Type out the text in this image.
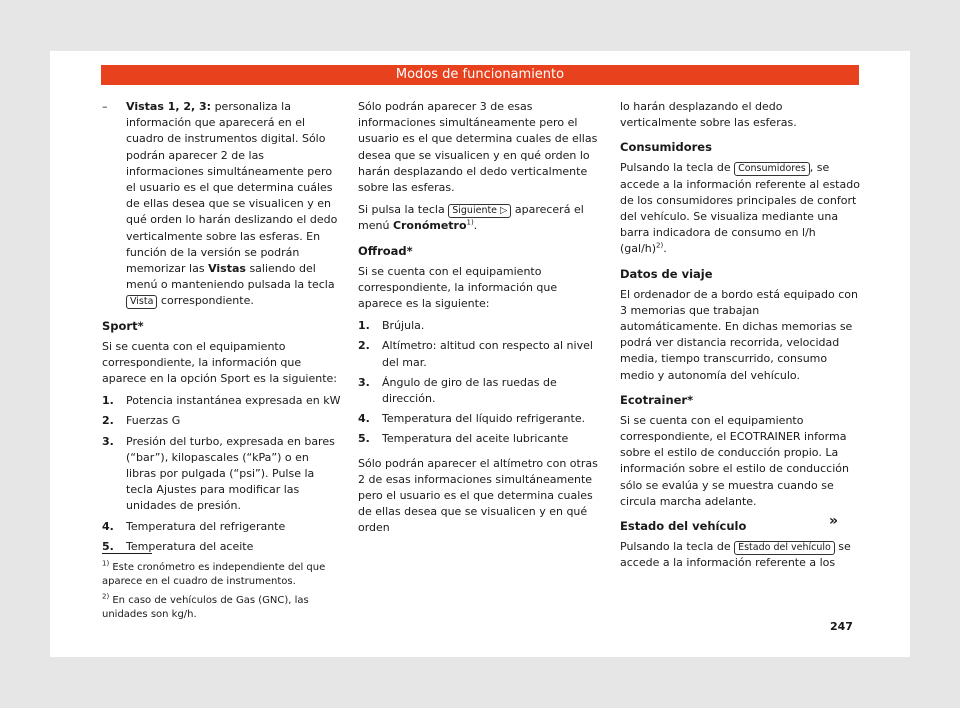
Modos de funcionamiento
– Vistas 1, 2, 3: personaliza la información que aparecerá en el cuadro de instrumentos digital. Sólo podrán aparecer 2 de las informaciones simultáneamente pero el usuario es el que determina cuáles de ellas desea que se visualicen y en qué orden lo harán deslizando el dedo verticalmente sobre las esferas. En función de la versión se podrán memorizar las Vistas saliendo del menú o manteniendo pulsada la tecla Vista correspondiente.
Sport*

Si se cuenta con el equipamiento correspondiente, la información que aparece en la opción Sport es la siguiente:

1. Potencia instantánea expresada en kW
2. Fuerzas G
3. Presión del turbo, expresada en bares (“bar”), kilopascales (“kPa”) o en libras por pulgada (“psi”). Pulse la tecla Ajustes para modificar las unidades de presión.
4. Temperatura del refrigerante
5. Temperatura del aceite

Sólo podrán aparecer 3 de esas informaciones simultáneamente pero el usuario es el que determina cuales de ellas desea que se visualicen y en qué orden lo harán desplazando el dedo verticalmente sobre las esferas.

Si pulsa la tecla Siguiente ▷ aparecerá el menú Cronómetro$^{1)}$.

Offroad*

Si se cuenta con el equipamiento correspondiente, la información que aparece es la siguiente:

1. Brújula.
2. Altímetro: altitud con respecto al nivel del mar.
3. Ángulo de giro de las ruedas de dirección.
4. Temperatura del líquido refrigerante.
5. Temperatura del aceite lubricante

Sólo podrán aparecer el altímetro con otras 2 de esas informaciones simultáneamente pero el usuario es el que determina cuales de ellas desea que se visualicen y en qué orden

lo harán desplazando el dedo verticalmente sobre las esferas.

Consumidores

Pulsando la tecla de Consumidores , se accede a la información referente al estado de los consumidores principales de confort del vehículo. Se visualiza mediante una barra indicadora de consumo en l/h $(gal/h)^{2)}$.

Datos de viaje

El ordenador de a bordo está equipado con 3 memorias que trabajan automáticamente. En dichas memorias se podrá ver distancia recorrida, velocidad media, tiempo transcurrido, consumo medio y autonomía del vehículo.

Ecotrainer*

Si se cuenta con el equipamiento correspondiente, el ECOTRAINER informa sobre el estilo de conducción propio. La información sobre el estilo de conducción sólo se evalúa y se muestra cuando se circula marcha adelante.

Estado del vehículo

Pulsando la tecla de Estado del vehículo se accede a la información referente a los

$^{1)}$ Este cronómetro es independiente del que aparece en el cuadro de instrumentos.

$^{2)}$ En caso de vehículos de Gas (GNC), las unidades son kg/h.

»
247
